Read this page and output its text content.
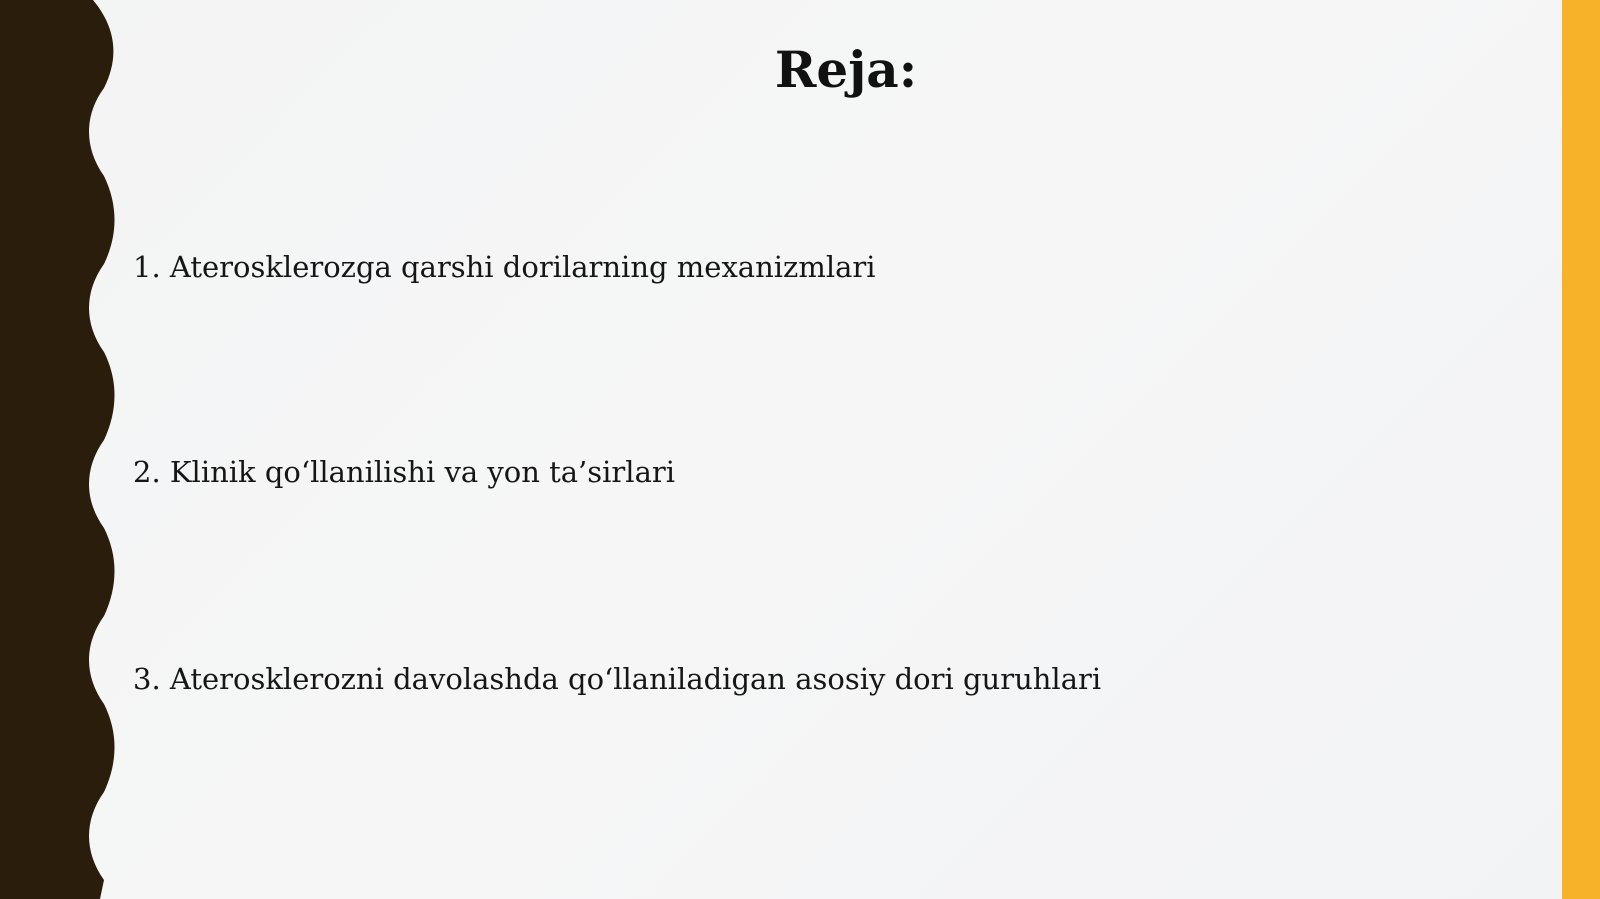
Reja:
1. Aterosklerozga qarshi dorilarning mexanizmlari
2. Klinik qo‘llanilishi va yon ta’sirlari
3. Aterosklerozni davolashda qo‘llaniladigan asosiy dori guruhlari
